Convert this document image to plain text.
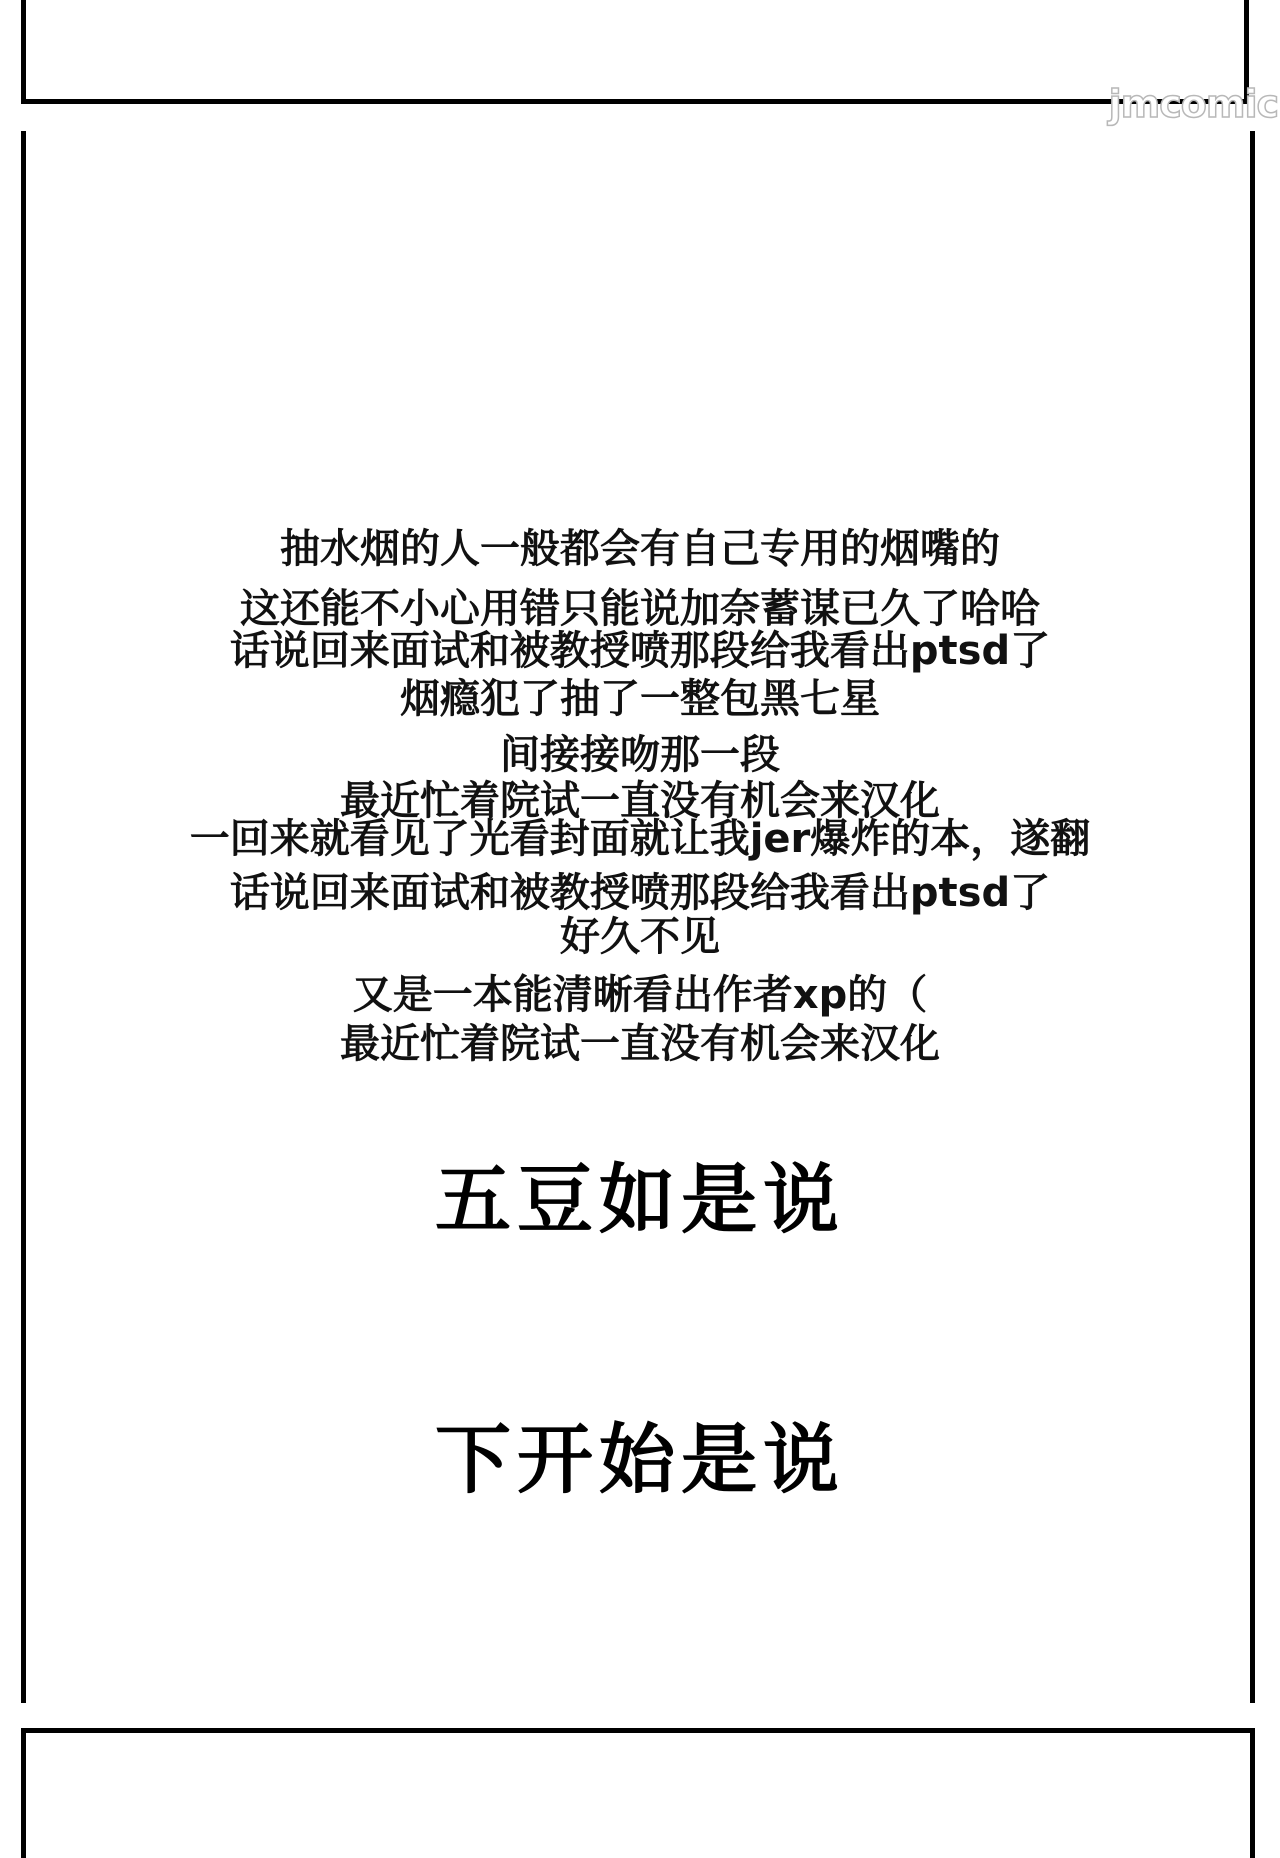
jmcomic
抽水烟的人一般都会有自己专用的烟嘴的
这还能不小心用错只能说加奈蓄谋已久了哈哈
话说回来面试和被教授喷那段给我看出ptsd了
烟瘾犯了抽了一整包黑七星
间接接吻那一段
最近忙着院试一直没有机会来汉化
一回来就看见了光看封面就让我jer爆炸的本，遂翻
话说回来面试和被教授喷那段给我看出ptsd了
好久不见
又是一本能清晰看出作者xp的（
最近忙着院试一直没有机会来汉化
五豆如是说
下开始是说
